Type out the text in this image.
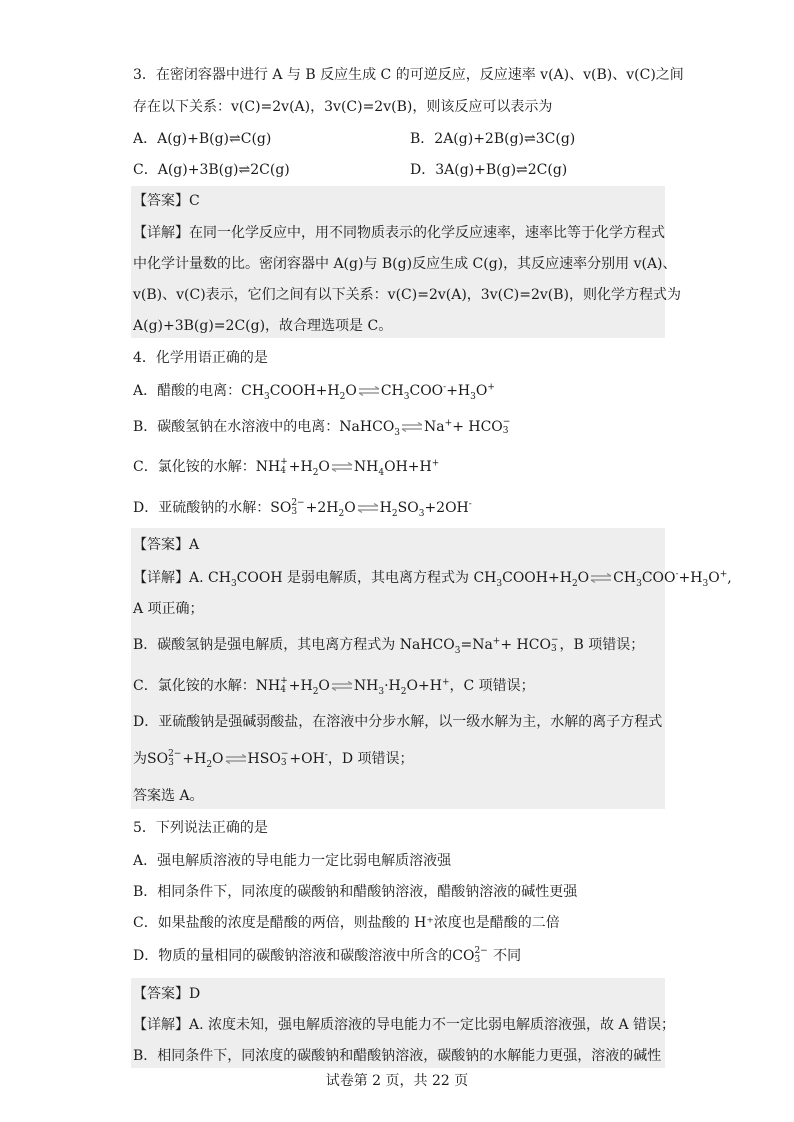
3．在密闭容器中进行 A 与 B 反应生成 C 的可逆反应，反应速率 v(A)、v(B)、v(C)之间
存在以下关系：v(C)=2v(A)，3v(C)=2v(B)，则该反应可以表示为
A．A(g)+B(g)⇌C(g)	B．2A(g)+2B(g)⇌3C(g)
C．A(g)+3B(g)⇌2C(g)	D．3A(g)+B(g)⇌2C(g)
【答案】C
【详解】在同一化学反应中，用不同物质表示的化学反应速率，速率比等于化学方程式
中化学计量数的比。密闭容器中 A(g)与 B(g)反应生成 C(g)，其反应速率分别用 v(A)、
v(B)、v(C)表示，它们之间有以下关系：v(C)=2v(A)，3v(C)=2v(B)，则化学方程式为
A(g)+3B(g)=2C(g)，故合理选项是 C。
4．化学用语正确的是
A．醋酸的电离：$CH_3COOH+H_2O\rightleftharpoons CH_3COO^-+H_3O^+$
B．碳酸氢钠在水溶液中的电离：NaHCO$_3$ ⇌Na++ HCO −
3
C．氯化铵的水解：NH +
$4 +H_2O\rightleftharpoons NH_4OH+H^+$
D．亚硫酸钠的水解：SO 2−
$3 +2H_2O\rightleftharpoons H_2SO_3+2OH^-$
【答案】A
【详解】A. $CH_3COOH$ 是弱电解质，其电离方程式为 $CH_3COOH+H_2O\rightleftharpoons CH_3COO^-+H_3O^+$,
A 项正确；
B．碳酸氢钠是强电解质，其电离方程式为 NaHCO$_3$=Na++ HCO −
3 ，B 项错误；
C．氯化铵的水解：NH +
$4 +H_2O\rightleftharpoons NH_3\cdot H_2O+H^+$，C 项错误；
D．亚硫酸钠是强碱弱酸盐，在溶液中分步水解，以一级水解为主，水解的离子方程式
为SO 2−
$3 +H_2O\rightleftharpoons HSO$ −
3 +OH-，D 项错误；
答案选 A。
5．下列说法正确的是
A．强电解质溶液的导电能力一定比弱电解质溶液强
B．相同条件下，同浓度的碳酸钠和醋酸钠溶液，醋酸钠溶液的碱性更强
C．如果盐酸的浓度是醋酸的两倍，则盐酸的 H⁺浓度也是醋酸的二倍
D．物质的量相同的碳酸钠溶液和碳酸溶液中所含的CO 2−
3 不同
【答案】D
【详解】A. 浓度未知，强电解质溶液的导电能力不一定比弱电解质溶液强，故 A 错误；
B．相同条件下，同浓度的碳酸钠和醋酸钠溶液，碳酸钠的水解能力更强，溶液的碱性
试卷第 2 页，共 22 页
